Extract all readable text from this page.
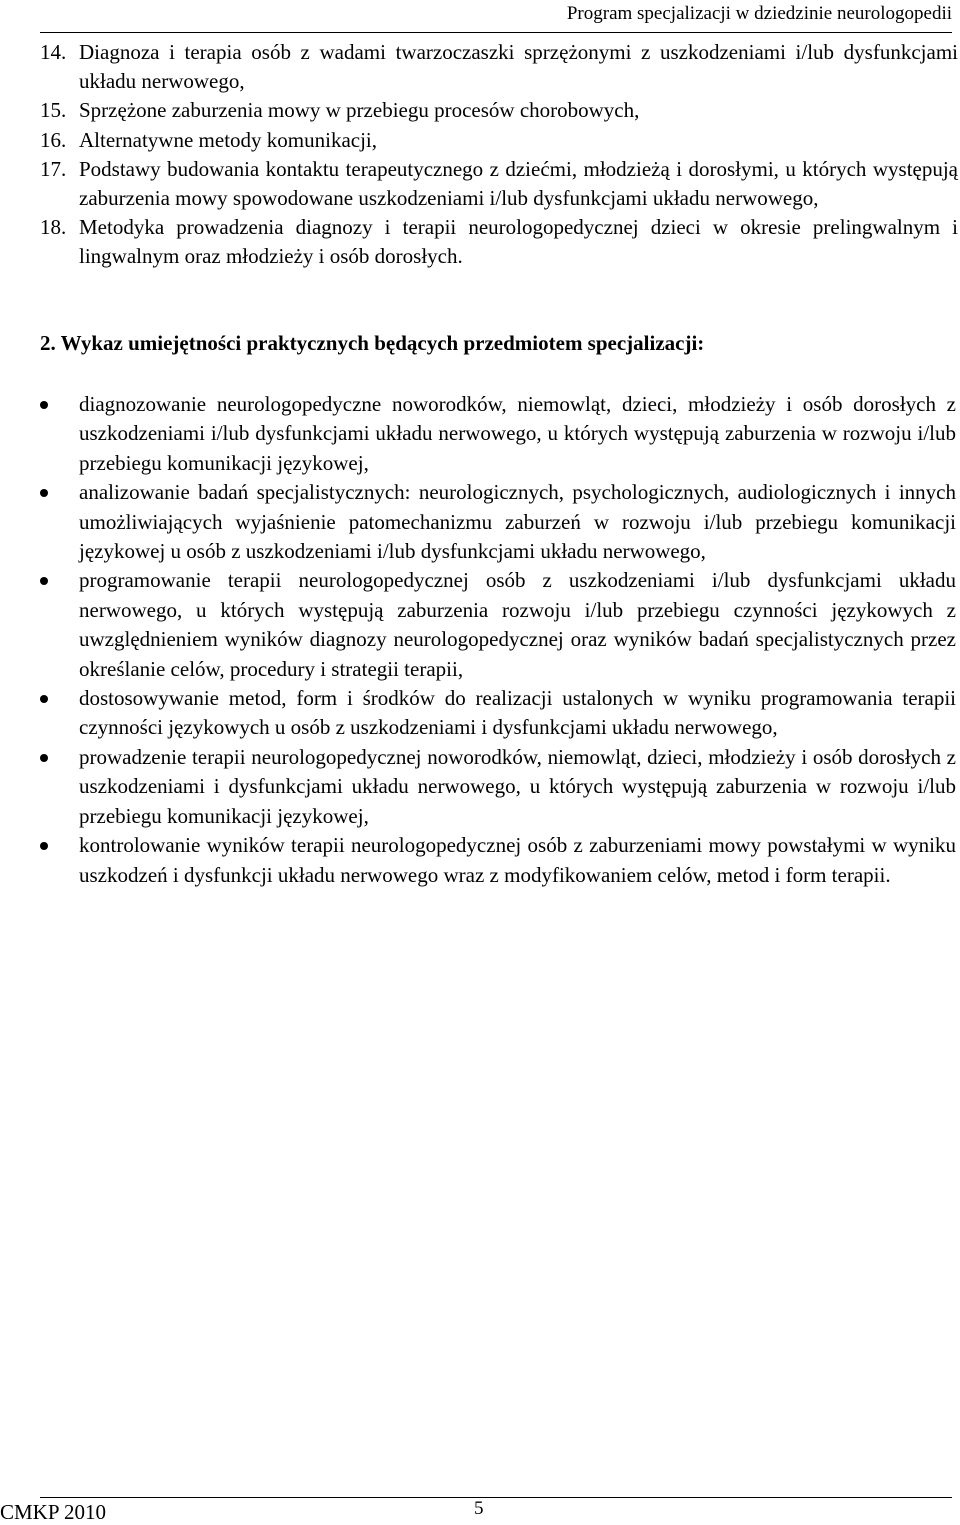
Program specjalizacji w dziedzinie neurologopedii
14. Diagnoza i terapia osób z wadami twarzoczaszki sprzężonymi z uszkodzeniami i/lub dysfunkcjami układu nerwowego,
15. Sprzężone zaburzenia mowy w przebiegu procesów chorobowych,
16. Alternatywne metody komunikacji,
17. Podstawy budowania kontaktu terapeutycznego z dziećmi, młodzieżą i dorosłymi, u których występują zaburzenia mowy spowodowane uszkodzeniami i/lub dysfunkcjami układu nerwowego,
18. Metodyka prowadzenia diagnozy i terapii neurologopedycznej dzieci w okresie prelingwalnym i lingwalnym oraz młodzieży i osób dorosłych.
2. Wykaz umiejętności praktycznych będących przedmiotem specjalizacji:
diagnozowanie neurologopedyczne noworodków, niemowląt, dzieci, młodzieży i osób dorosłych z uszkodzeniami i/lub dysfunkcjami układu nerwowego, u których występują zaburzenia w rozwoju i/lub przebiegu komunikacji językowej,
analizowanie badań specjalistycznych: neurologicznych, psychologicznych, audiologicznych i innych umożliwiających wyjaśnienie patomechanizmu zaburzeń w rozwoju i/lub przebiegu komunikacji językowej u osób z uszkodzeniami i/lub dysfunkcjami układu nerwowego,
programowanie terapii neurologopedycznej osób z uszkodzeniami i/lub dysfunkcjami układu nerwowego, u których występują zaburzenia rozwoju i/lub przebiegu czynności językowych z uwzględnieniem wyników diagnozy neurologopedycznej oraz wyników badań specjalistycznych przez określanie celów, procedury i strategii terapii,
dostosowywanie metod, form i środków do realizacji ustalonych w wyniku programowania terapii czynności językowych u osób z uszkodzeniami i dysfunkcjami układu nerwowego,
prowadzenie terapii neurologopedycznej noworodków, niemowląt, dzieci, młodzieży i osób dorosłych z uszkodzeniami i dysfunkcjami układu nerwowego, u których występują zaburzenia w rozwoju i/lub przebiegu komunikacji językowej,
kontrolowanie wyników terapii neurologopedycznej osób z zaburzeniami mowy powstałymi w wyniku uszkodzeń i dysfunkcji układu nerwowego wraz z modyfikowaniem celów, metod i form terapii.
CMKP 2010	5
